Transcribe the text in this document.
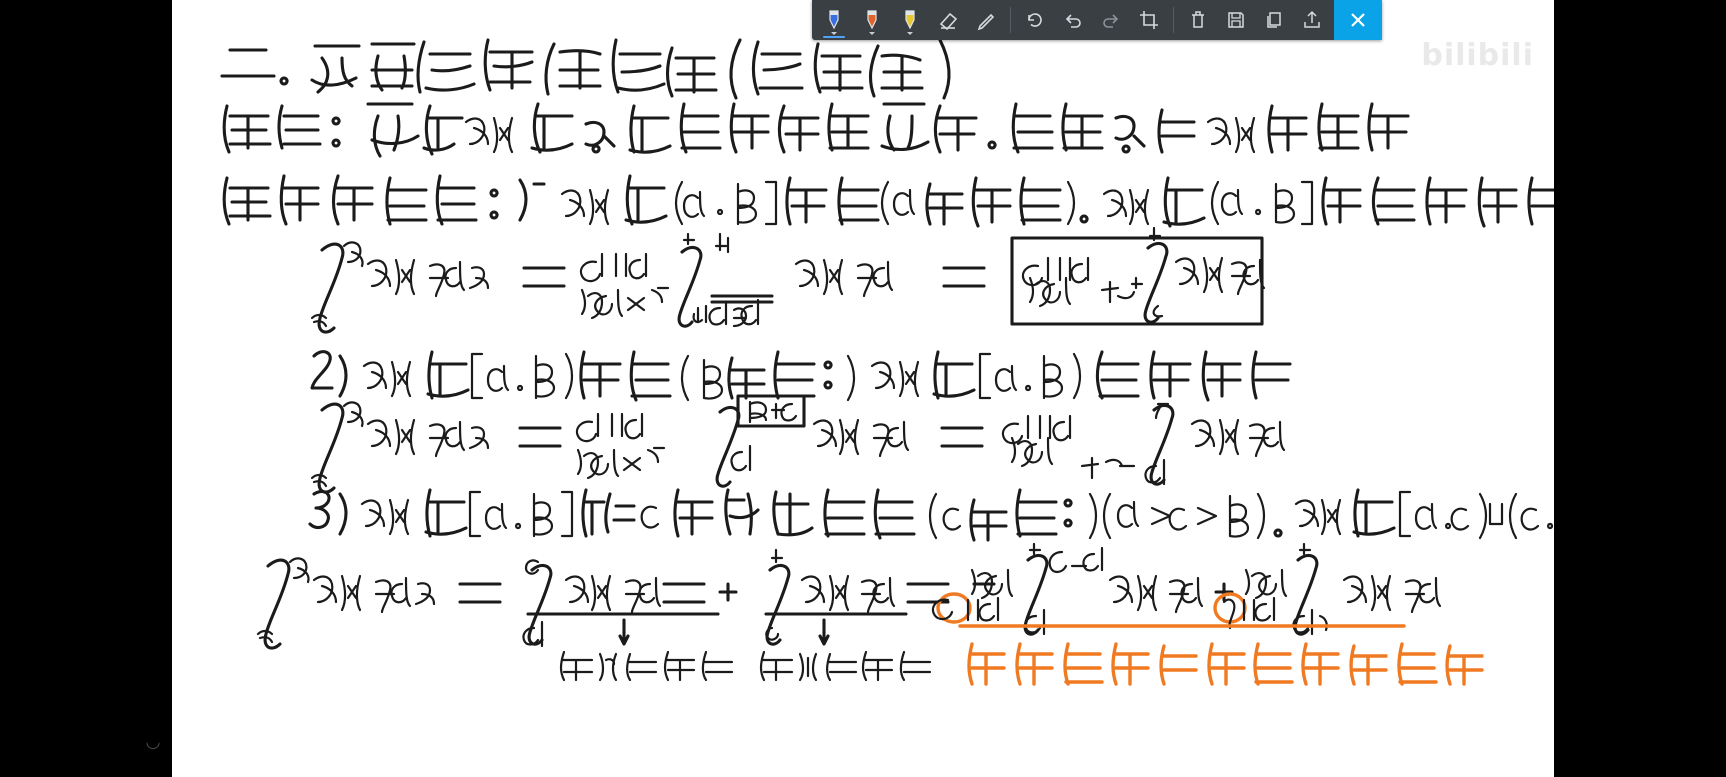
◡
bilibili
